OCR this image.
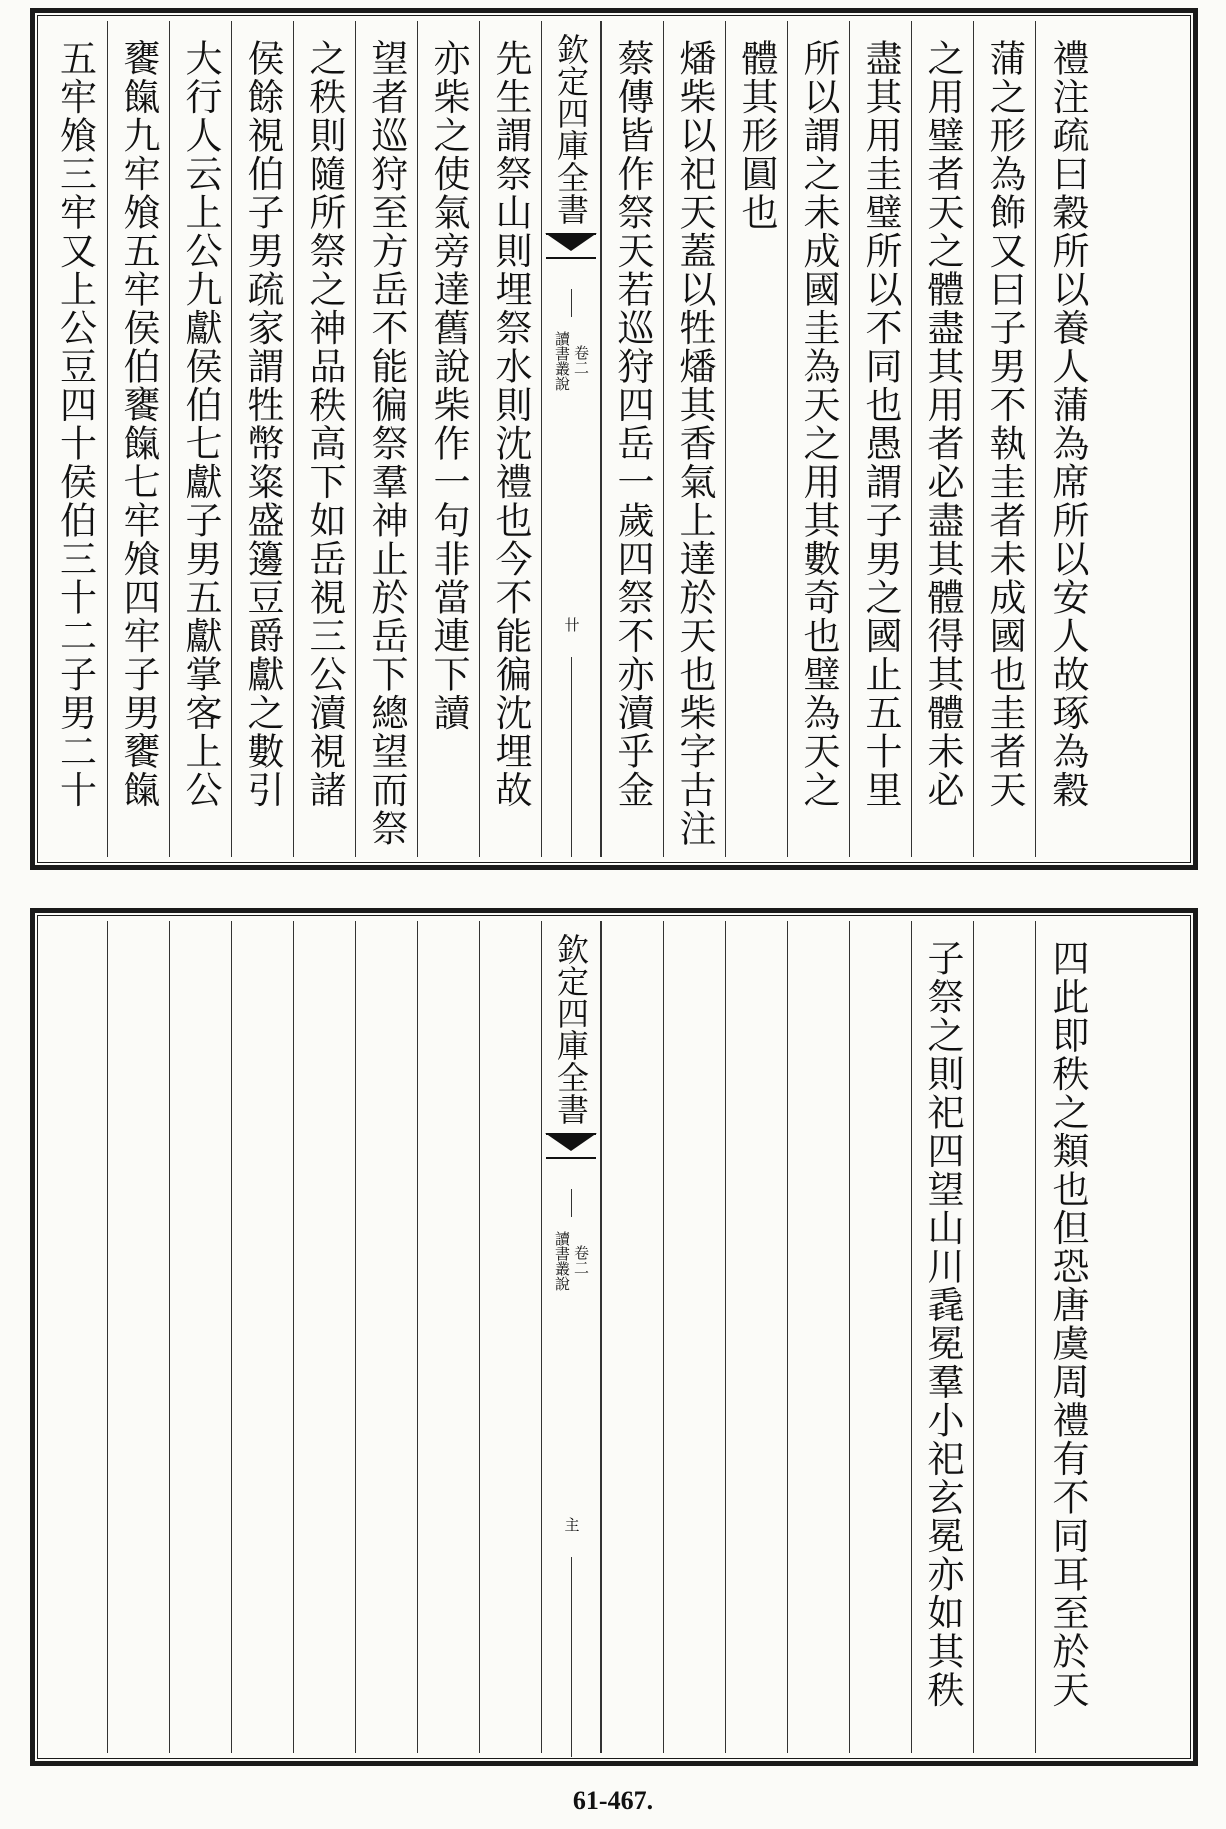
五牢飧三牢又上公豆四十侯伯三十二子男二十 饔餼九牢飧五牢侯伯饔餼七牢飧四牢子男饔餼 大行人云上公九獻侯伯七獻子男五獻掌客上公 侯餘視伯子男疏家謂牲幣粢盛籩豆爵獻之數引 之秩則隨所祭之神品秩高下如岳視三公瀆視諸 望者巡狩至方岳不能徧祭羣神止於岳下總望而祭 亦柴之使氣旁達舊說柴作一句非當連下讀 先生謂祭山則埋祭水則沈禮也今不能徧沈埋故 欽定四庫全書
讀書叢說 卷二
卄 蔡傳皆作祭天若巡狩四岳一歲四祭不亦瀆乎金 燔柴以祀天蓋以牲燔其香氣上達於天也柴字古注 體其形圓也 所以謂之未成國圭為天之用其數奇也璧為天之 盡其用圭璧所以不同也愚謂子男之國止五十里 之用璧者天之體盡其用者必盡其體得其體未必 蒲之形為飾又曰子男不執圭者未成國也圭者天 禮注疏曰穀所以養人蒲為席所以安人故琢為穀
欽定四庫全書
讀書叢說 卷二
主	子祭之則祀四望山川毳冕羣小祀玄冕亦如其秩 四此即秩之類也但恐唐虞周禮有不同耳至於天
61-467.
